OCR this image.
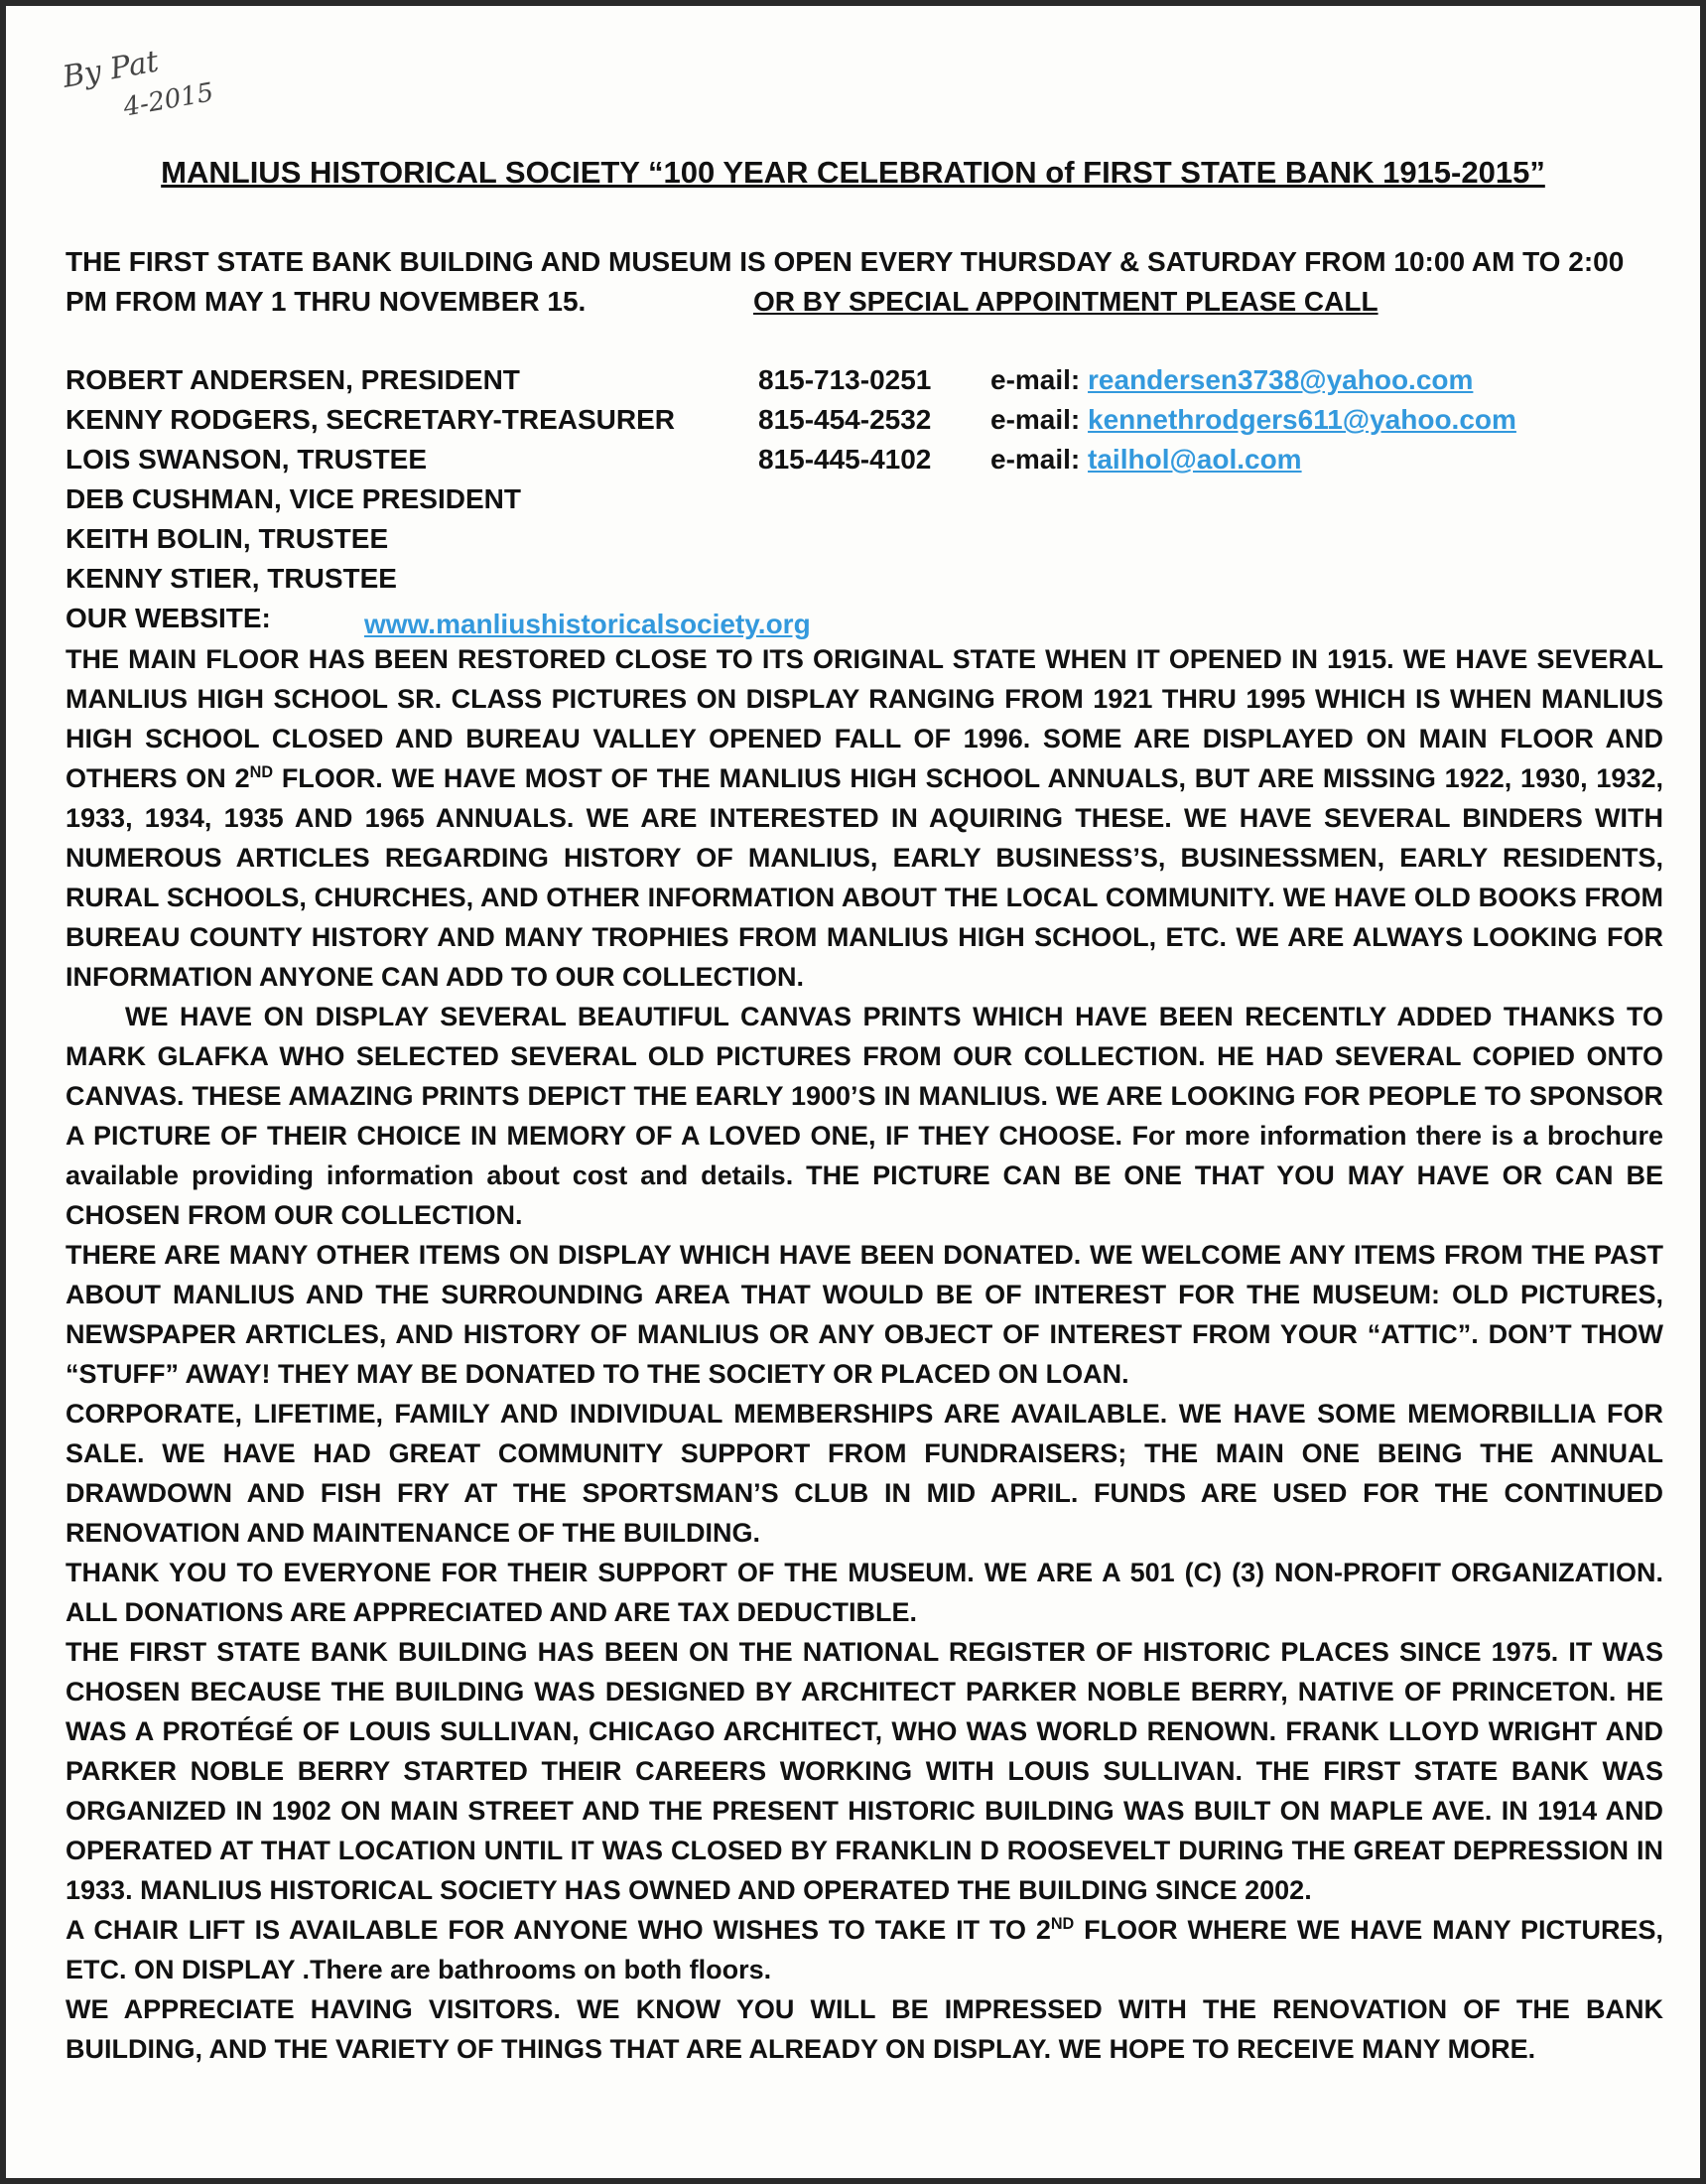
By Pat
4-2015
MANLIUS HISTORICAL SOCIETY “100 YEAR CELEBRATION of FIRST STATE BANK 1915-2015”
THE FIRST STATE BANK BUILDING AND MUSEUM IS OPEN EVERY THURSDAY & SATURDAY FROM 10:00 AM TO 2:00 PM FROM MAY 1 THRU NOVEMBER 15.	OR BY SPECIAL APPOINTMENT PLEASE CALL
ROBERT ANDERSEN, PRESIDENT	815-713-0251 e-mail: reandersen3738@yahoo.com
KENNY RODGERS, SECRETARY-TREASURER	815-454-2532 e-mail: kennethrodgers611@yahoo.com
LOIS SWANSON, TRUSTEE	815-445-4102 e-mail: tailhol@aol.com
DEB CUSHMAN, VICE PRESIDENT
KEITH BOLIN, TRUSTEE
KENNY STIER, TRUSTEE
OUR WEBSITE:	www.manliushistoricalsociety.org

THE MAIN FLOOR HAS BEEN RESTORED CLOSE TO ITS ORIGINAL STATE WHEN IT OPENED IN 1915. WE HAVE SEVERAL MANLIUS HIGH SCHOOL SR. CLASS PICTURES ON DISPLAY RANGING FROM 1921 THRU 1995 WHICH IS WHEN MANLIUS HIGH SCHOOL CLOSED AND BUREAU VALLEY OPENED FALL OF 1996. SOME ARE DISPLAYED ON MAIN FLOOR AND OTHERS ON 2ND FLOOR. WE HAVE MOST OF THE MANLIUS HIGH SCHOOL ANNUALS, BUT ARE MISSING 1922, 1930, 1932, 1933, 1934, 1935 AND 1965 ANNUALS. WE ARE INTERESTED IN AQUIRING THESE. WE HAVE SEVERAL BINDERS WITH NUMEROUS ARTICLES REGARDING HISTORY OF MANLIUS, EARLY BUSINESS’S, BUSINESSMEN, EARLY RESIDENTS, RURAL SCHOOLS, CHURCHES, AND OTHER INFORMATION ABOUT THE LOCAL COMMUNITY. WE HAVE OLD BOOKS FROM BUREAU COUNTY HISTORY AND MANY TROPHIES FROM MANLIUS HIGH SCHOOL, ETC. WE ARE ALWAYS LOOKING FOR INFORMATION ANYONE CAN ADD TO OUR COLLECTION.

WE HAVE ON DISPLAY SEVERAL BEAUTIFUL CANVAS PRINTS WHICH HAVE BEEN RECENTLY ADDED THANKS TO MARK GLAFKA WHO SELECTED SEVERAL OLD PICTURES FROM OUR COLLECTION. HE HAD SEVERAL COPIED ONTO CANVAS. THESE AMAZING PRINTS DEPICT THE EARLY 1900’S IN MANLIUS. WE ARE LOOKING FOR PEOPLE TO SPONSOR A PICTURE OF THEIR CHOICE IN MEMORY OF A LOVED ONE, IF THEY CHOOSE. For more information there is a brochure available providing information about cost and details. THE PICTURE CAN BE ONE THAT YOU MAY HAVE OR CAN BE CHOSEN FROM OUR COLLECTION.

THERE ARE MANY OTHER ITEMS ON DISPLAY WHICH HAVE BEEN DONATED. WE WELCOME ANY ITEMS FROM THE PAST ABOUT MANLIUS AND THE SURROUNDING AREA THAT WOULD BE OF INTEREST FOR THE MUSEUM: OLD PICTURES, NEWSPAPER ARTICLES, AND HISTORY OF MANLIUS OR ANY OBJECT OF INTEREST FROM YOUR “ATTIC”. DON’T THOW “STUFF” AWAY! THEY MAY BE DONATED TO THE SOCIETY OR PLACED ON LOAN.

CORPORATE, LIFETIME, FAMILY AND INDIVIDUAL MEMBERSHIPS ARE AVAILABLE. WE HAVE SOME MEMORBILLIA FOR SALE. WE HAVE HAD GREAT COMMUNITY SUPPORT FROM FUNDRAISERS; THE MAIN ONE BEING THE ANNUAL DRAWDOWN AND FISH FRY AT THE SPORTSMAN’S CLUB IN MID APRIL. FUNDS ARE USED FOR THE CONTINUED RENOVATION AND MAINTENANCE OF THE BUILDING.

THANK YOU TO EVERYONE FOR THEIR SUPPORT OF THE MUSEUM. WE ARE A 501 (C) (3) NON-PROFIT ORGANIZATION. ALL DONATIONS ARE APPRECIATED AND ARE TAX DEDUCTIBLE.

THE FIRST STATE BANK BUILDING HAS BEEN ON THE NATIONAL REGISTER OF HISTORIC PLACES SINCE 1975. IT WAS CHOSEN BECAUSE THE BUILDING WAS DESIGNED BY ARCHITECT PARKER NOBLE BERRY, NATIVE OF PRINCETON. HE WAS A PROTÉGÉ OF LOUIS SULLIVAN, CHICAGO ARCHITECT, WHO WAS WORLD RENOWN. FRANK LLOYD WRIGHT AND PARKER NOBLE BERRY STARTED THEIR CAREERS WORKING WITH LOUIS SULLIVAN. THE FIRST STATE BANK WAS ORGANIZED IN 1902 ON MAIN STREET AND THE PRESENT HISTORIC BUILDING WAS BUILT ON MAPLE AVE. IN 1914 AND OPERATED AT THAT LOCATION UNTIL IT WAS CLOSED BY FRANKLIN D ROOSEVELT DURING THE GREAT DEPRESSION IN 1933. MANLIUS HISTORICAL SOCIETY HAS OWNED AND OPERATED THE BUILDING SINCE 2002.

A CHAIR LIFT IS AVAILABLE FOR ANYONE WHO WISHES TO TAKE IT TO 2ND FLOOR WHERE WE HAVE MANY PICTURES, ETC. ON DISPLAY .There are bathrooms on both floors.

WE APPRECIATE HAVING VISITORS. WE KNOW YOU WILL BE IMPRESSED WITH THE RENOVATION OF THE BANK BUILDING, AND THE VARIETY OF THINGS THAT ARE ALREADY ON DISPLAY. WE HOPE TO RECEIVE MANY MORE.
